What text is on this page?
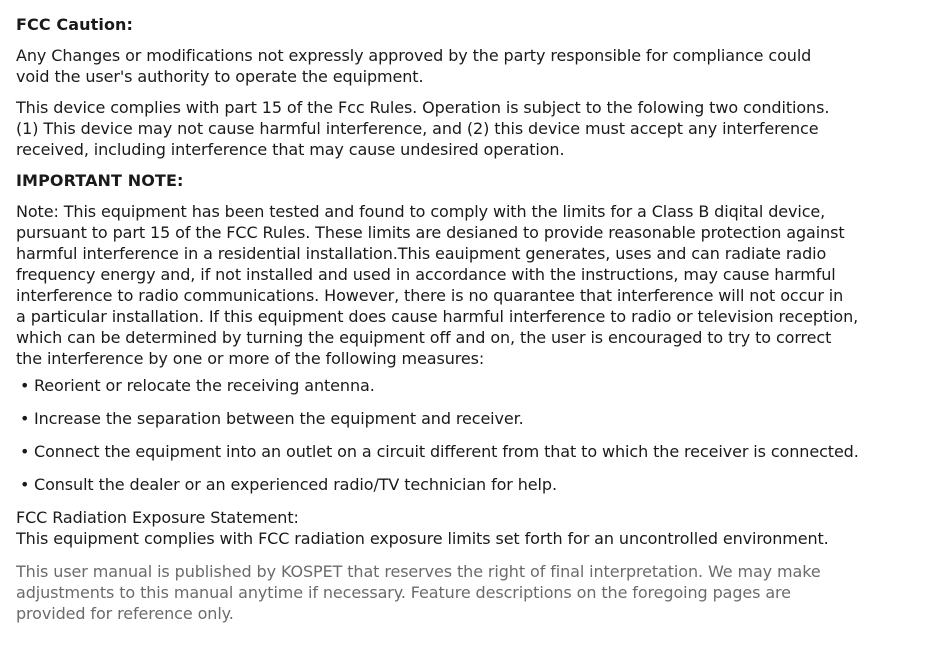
FCC Caution:
Any Changes or modifications not expressly approved by the party responsible for compliance could
void the user's authority to operate the equipment.
This device complies with part 15 of the Fcc Rules. Operation is subject to the folowing two conditions.
(1) This device may not cause harmful interference, and (2) this device must accept any interference
received, including interference that may cause undesired operation.
IMPORTANT NOTE:
Note: This equipment has been tested and found to comply with the limits for a Class B diqital device,
pursuant to part 15 of the FCC Rules. These limits are desianed to provide reasonable protection against
harmful interference in a residential installation.This eauipment generates, uses and can radiate radio
frequency energy and, if not installed and used in accordance with the instructions, may cause harmful
interference to radio communications. However, there is no quarantee that interference will not occur in
a particular installation. If this equipment does cause harmful interference to radio or television reception,
which can be determined by turning the equipment off and on, the user is encouraged to try to correct
the interference by one or more of the following measures:
• Reorient or relocate the receiving antenna.
• Increase the separation between the equipment and receiver.
• Connect the equipment into an outlet on a circuit different from that to which the receiver is connected.
• Consult the dealer or an experienced radio/TV technician for help.
FCC Radiation Exposure Statement:
This equipment complies with FCC radiation exposure limits set forth for an uncontrolled environment.
This user manual is published by KOSPET that reserves the right of final interpretation. We may make
adjustments to this manual anytime if necessary. Feature descriptions on the foregoing pages are
provided for reference only.
